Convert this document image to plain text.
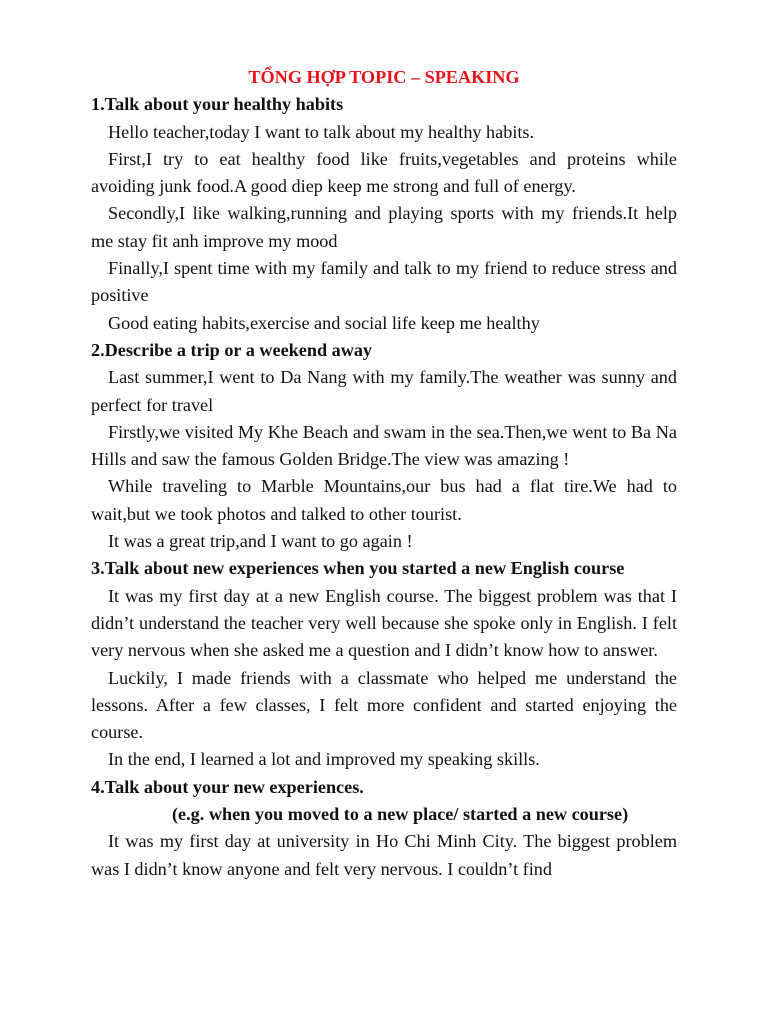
TỔNG HỢP TOPIC – SPEAKING
1.Talk about your healthy habits

Hello teacher,today I want to talk about my healthy habits.

First,I try to eat healthy food like fruits,vegetables and proteins while avoiding junk food.A good diep keep me strong and full of energy.

Secondly,I like walking,running and playing sports with my friends.It help me stay fit anh improve my mood

Finally,I spent time with my family and talk to my friend to reduce stress and positive

Good eating habits,exercise and social life keep me healthy

2.Describe a trip or a weekend away

Last summer,I went to Da Nang with my family.The weather was sunny and perfect for travel

Firstly,we visited My Khe Beach and swam in the sea.Then,we went to Ba Na Hills and saw the famous Golden Bridge.The view was amazing !

While traveling to Marble Mountains,our bus had a flat tire.We had to wait,but we took photos and talked to other tourist.

It was a great trip,and I want to go again !

3.Talk about new experiences when you started a new English course

It was my first day at a new English course. The biggest problem was that I didn’t understand the teacher very well because she spoke only in English. I felt very nervous when she asked me a question and I didn’t know how to answer.

Luckily, I made friends with a classmate who helped me understand the lessons. After a few classes, I felt more confident and started enjoying the course.

In the end, I learned a lot and improved my speaking skills.

4.Talk about your new experiences.
(e.g. when you moved to a new place/ started a new course)

It was my first day at university in Ho Chi Minh City. The biggest problem was I didn’t know anyone and felt very nervous. I couldn’t find
